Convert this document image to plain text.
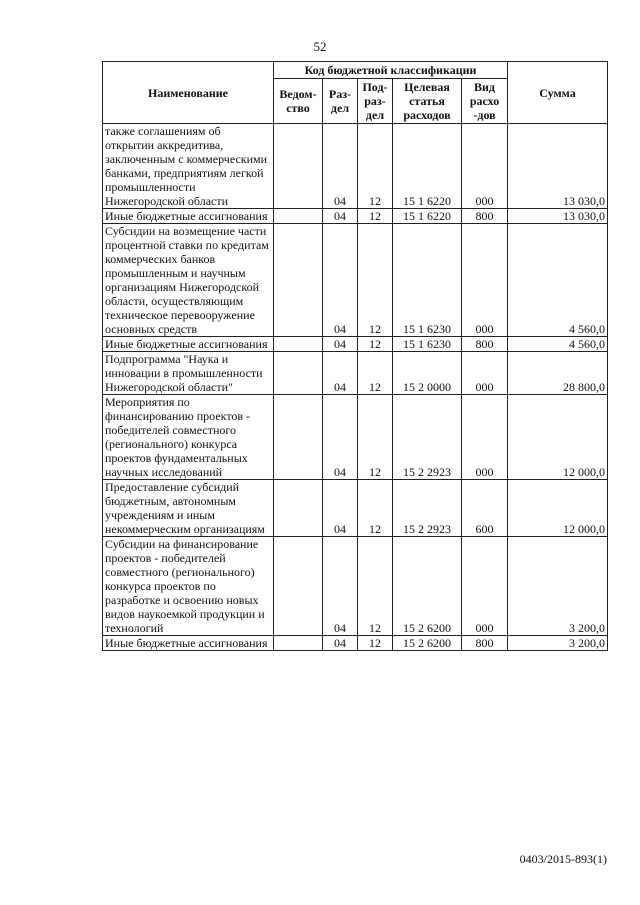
52
Наименование	Код бюджетной классификации					Сумма
	Ведом-ство	Раз-дел	Под-раз-дел	Целевая статья расходов	Вид расхо -дов	
также соглашениям об открытии аккредитива, заключенным с коммерческими банками, предприятиям легкой промышленности Нижегородской области		04	12	15 1 6220	000	13 030,0
Иные бюджетные ассигнования		04	12	15 1 6220	800	13 030,0
Субсидии на возмещение части процентной ставки по кредитам коммерческих банков промышленным и научным организациям Нижегородской области, осуществляющим техническое перевооружение основных средств		04	12	15 1 6230	000	4 560,0
Иные бюджетные ассигнования		04	12	15 1 6230	800	4 560,0
Подпрограмма "Наука и инновации в промышленности Нижегородской области"		04	12	15 2 0000	000	28 800,0
Мероприятия по финансированию проектов - победителей совместного (регионального) конкурса проектов фундаментальных научных исследований		04	12	15 2 2923	000	12 000,0
Предоставление субсидий бюджетным, автономным учреждениям и иным некоммерческим организациям		04	12	15 2 2923	600	12 000,0
Субсидии на финансирование проектов - победителей совместного (регионального) конкурса проектов по разработке и освоению новых видов наукоемкой продукции и технологий		04	12	15 2 6200	000	3 200,0
Иные бюджетные ассигнования		04	12	15 2 6200	800	3 200,0
0403/2015-893(1)
